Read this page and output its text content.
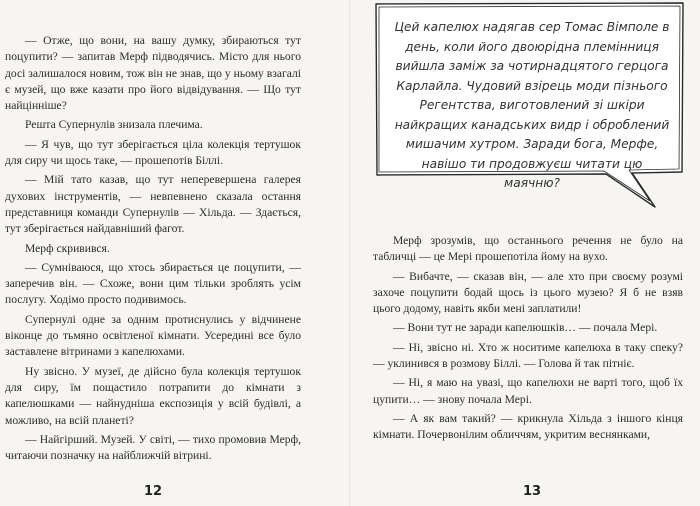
— Отже, що вони, на вашу думку, збираються тут поцупити? — запитав Мерф підводячись. Місто для нього досі залишалося новим, тож він не знав, що у ньому взагалі є музей, що вже казати про його відвідування. — Що тут найцінніше?

Решта Супернулів знизала плечима.

— Я чув, що тут зберігається ціла колекція тертушок для сиру чи щось таке, — прошепотів Біллі.

— Мій тато казав, що тут неперевершена галерея духових інструментів, — невпевнено сказала остання представниця команди Супернулів — Хільда. — Здається, тут зберігається найдавніший фагот.

Мерф скривився.

— Сумніваюся, що хтось збирається це поцупити, — заперечив він. — Схоже, вони цим тільки зроблять усім послугу. Ходімо просто подивимось.

Супернулі одне за одним протиснулись у відчинене віконце до тьмяно освітленої кімнати. Усередині все було заставлене вітринами з капелюхами.

Ну звісно. У музеї, де дійсно була колекція тертушок для сиру, їм пощастило потрапити до кімнати з капелюшками — найнудніша експозиція у всій будівлі, а можливо, на всій планеті?

— Найгірший. Музей. У світі, — тихо промовив Мерф, читаючи позначку на найближчій вітрині.

12
Цей капелюх надягав сер Томас Вімполе в день, коли його двоюрідна племінниця вийшла заміж за чотирнадцятого герцога Карлайла. Чудовий взірець моди пізнього Регентства, виготовлений зі шкіри найкращих канадських видр і оброблений мишачим хутром. Заради бога, Мерфе, навішо ти продовжуєш читати цю маячню?

Мерф зрозумів, що останнього речення не було на табличці — це Мері прошепотіла йому на вухо.

— Вибачте, — сказав він, — але хто при своєму розумі захоче поцупити бодай щось із цього музею? Я б не взяв цього додому, навіть якби мені заплатили!

— Вони тут не заради капелюшків… — почала Мері.

— Ні, звісно ні. Хто ж носитиме капелюха в таку спеку? — уклинився в розмову Біллі. — Голова й так пітніє.

— Ні, я маю на увазі, що капелюхи не варті того, щоб їх цупити… — знову почала Мері.

— А як вам такий? — крикнула Хільда з іншого кінця кімнати. Почервонілим обличчям, укритим веснянками,

13
